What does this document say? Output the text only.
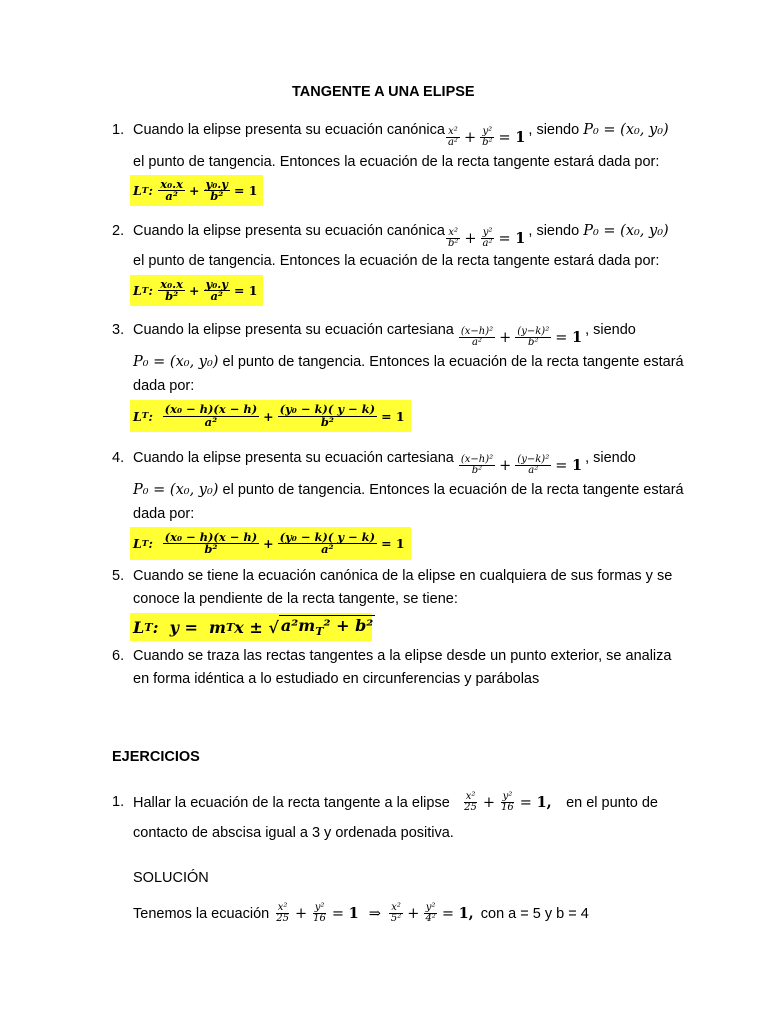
TANGENTE A UNA ELIPSE
1. Cuando la elipse presenta su ecuación canónica $\frac{\text{x²}}{\text{a²}} + \frac{\text{y²}}{\text{b²}} = 1$ , siendo P₀ = (x₀, y₀)
el punto de tangencia. Entonces la ecuación de la recta tangente estará dada por:
L T : $\frac{\text{x₀.x}}{\text{a²}} + \frac{\text{y₀.y}}{\text{b²}} = 1$
2. Cuando la elipse presenta su ecuación canónica $\frac{\text{x²}}{\text{b²}} + \frac{\text{y²}}{\text{a²}} = 1$ , siendo P₀ = (x₀, y₀)
el punto de tangencia. Entonces la ecuación de la recta tangente estará dada por:
L T : $\frac{\text{x₀.x}}{\text{b²}} + \frac{\text{y₀.y}}{\text{a²}} = 1$
3. Cuando la elipse presenta su ecuación cartesiana $\frac{\text{(x−h)²}}{\text{a²}} + \frac{\text{(y−k)²}}{\text{b²}} = 1$ , siendo
P₀ = (x₀, y₀) el punto de tangencia. Entonces la ecuación de la recta tangente estará
dada por:
L T : $\frac{\text{(x₀ − h)(x − h)}}{\text{a²}} + \frac{\text{(y₀ − k)( y − k)}}{\text{b²}} = 1$
4. Cuando la elipse presenta su ecuación cartesiana $\frac{\text{(x−h)²}}{\text{b²}} + \frac{\text{(y−k)²}}{\text{a²}} = 1$ , siendo
P₀ = (x₀, y₀) el punto de tangencia. Entonces la ecuación de la recta tangente estará
dada por:
L T : $\frac{\text{(x₀ − h)(x − h)}}{\text{b²}} + \frac{\text{(y₀ − k)( y − k)}}{\text{a²}} = 1$
5. Cuando se tiene la ecuación canónica de la elipse en cualquiera de sus formas y se
conoce la pendiente de la recta tangente, se tiene:
L T :  y =  m T x ± √ $a^2m_T^2 + b^2$
6. Cuando se traza las rectas tangentes a la elipse desde un punto exterior, se analiza
en forma idéntica a lo estudiado en circunferencias y parábolas
EJERCICIOS
1. Hallar la ecuación de la recta tangente a la elipse $\frac{\text{x²}}{25} + \frac{\text{y²}}{16} = 1$, en el punto de
contacto de abscisa igual a 3 y ordenada positiva.
SOLUCIÓN
Tenemos la ecuación
$\frac{\text{x²}}{25} + \frac{\text{y²}}{16} = 1$ ⇒ $\frac{\text{x²}}{\text{5²}} + \frac{\text{y²}}{\text{4²}} = 1$,
con a = 5 y b = 4
